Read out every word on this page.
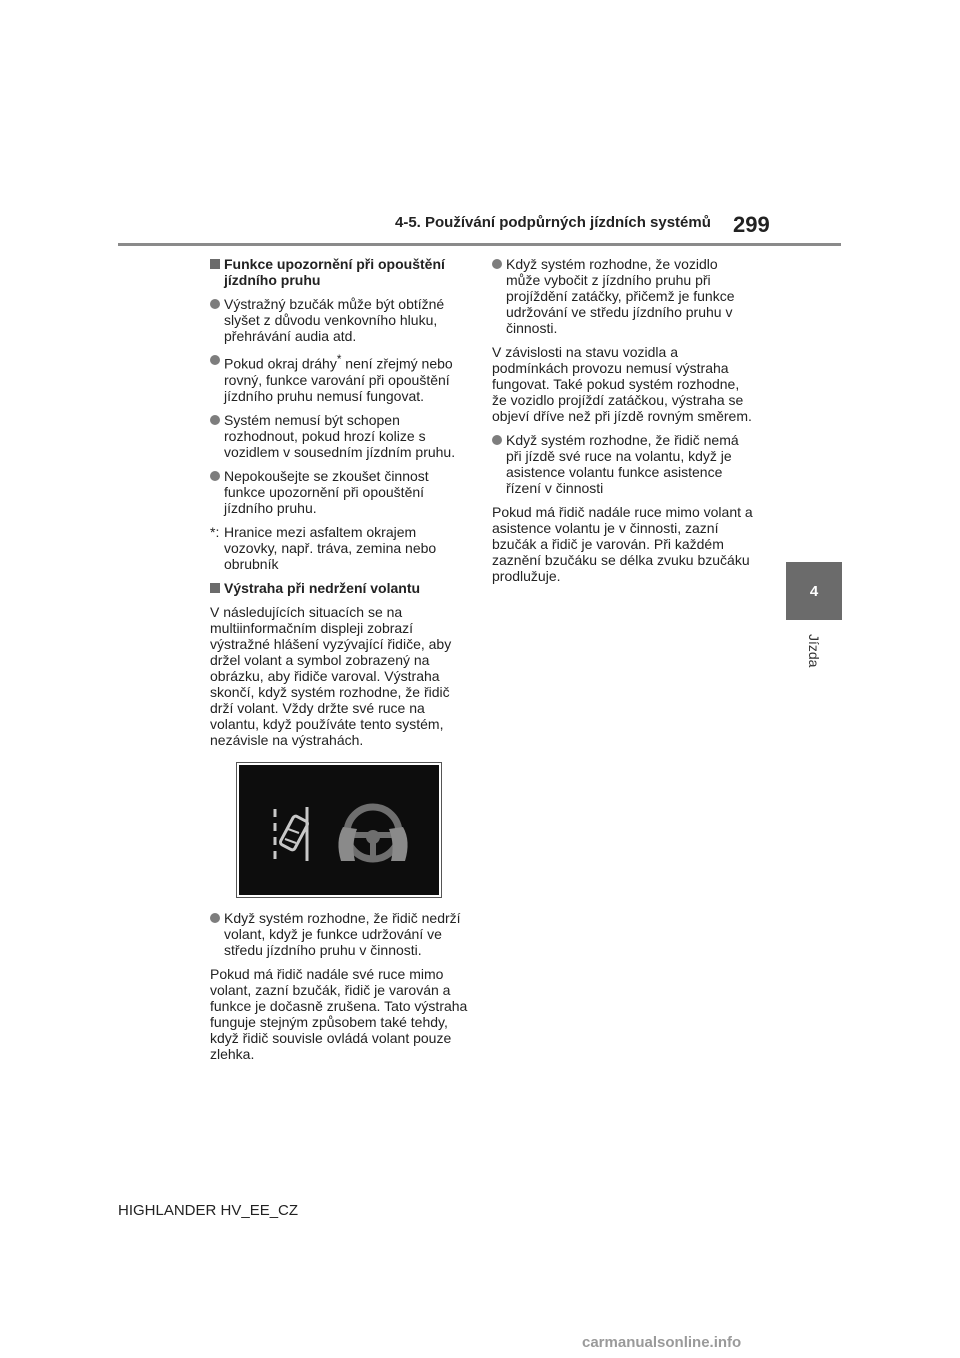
4-5. Používání podpůrných jízdních systémů 299
4
Jízda
Funkce upozornění při opouštění jízdního pruhu
Výstražný bzučák může být obtížné slyšet z důvodu venkovního hluku, přehrávání audia atd.
Pokud okraj dráhy* není zřejmý nebo rovný, funkce varování při opouštění jízdního pruhu nemusí fungovat.
Systém nemusí být schopen rozhodnout, pokud hrozí kolize s vozidlem v sousedním jízdním pruhu.
Nepokoušejte se zkoušet činnost funkce upozornění při opouštění jízdního pruhu.
*: Hranice mezi asfaltem okrajem vozovky, např. tráva, zemina nebo obrubník
Výstraha při nedržení volantu
V následujících situacích se na multiinformačním displeji zobrazí výstražné hlášení vyzývající řidiče, aby držel volant a symbol zobrazený na obrázku, aby řidiče varoval. Výstraha skončí, když systém rozhodne, že řidič drží volant. Vždy držte své ruce na volantu, když používáte tento systém, nezávisle na výstrahách.
Když systém rozhodne, že řidič nedrží volant, když je funkce udržování ve středu jízdního pruhu v činnosti.
Pokud má řidič nadále své ruce mimo volant, zazní bzučák, řidič je varován a funkce je dočasně zrušena. Tato výstraha funguje stejným způsobem také tehdy, když řidič souvisle ovládá volant pouze zlehka.
Když systém rozhodne, že vozidlo může vybočit z jízdního pruhu při projíždění zatáčky, přičemž je funkce udržování ve středu jízdního pruhu v činnosti.
V závislosti na stavu vozidla a podmínkách provozu nemusí výstraha fungovat. Také pokud systém rozhodne, že vozidlo projíždí zatáčkou, výstraha se objeví dříve než při jízdě rovným směrem.
Když systém rozhodne, že řidič nemá při jízdě své ruce na volantu, když je asistence volantu funkce asistence řízení v činnosti
Pokud má řidič nadále ruce mimo volant a asistence volantu je v činnosti, zazní bzučák a řidič je varován. Při každém zaznění bzučáku se délka zvuku bzučáku prodlužuje.
HIGHLANDER HV_EE_CZ
carmanualsonline.info
